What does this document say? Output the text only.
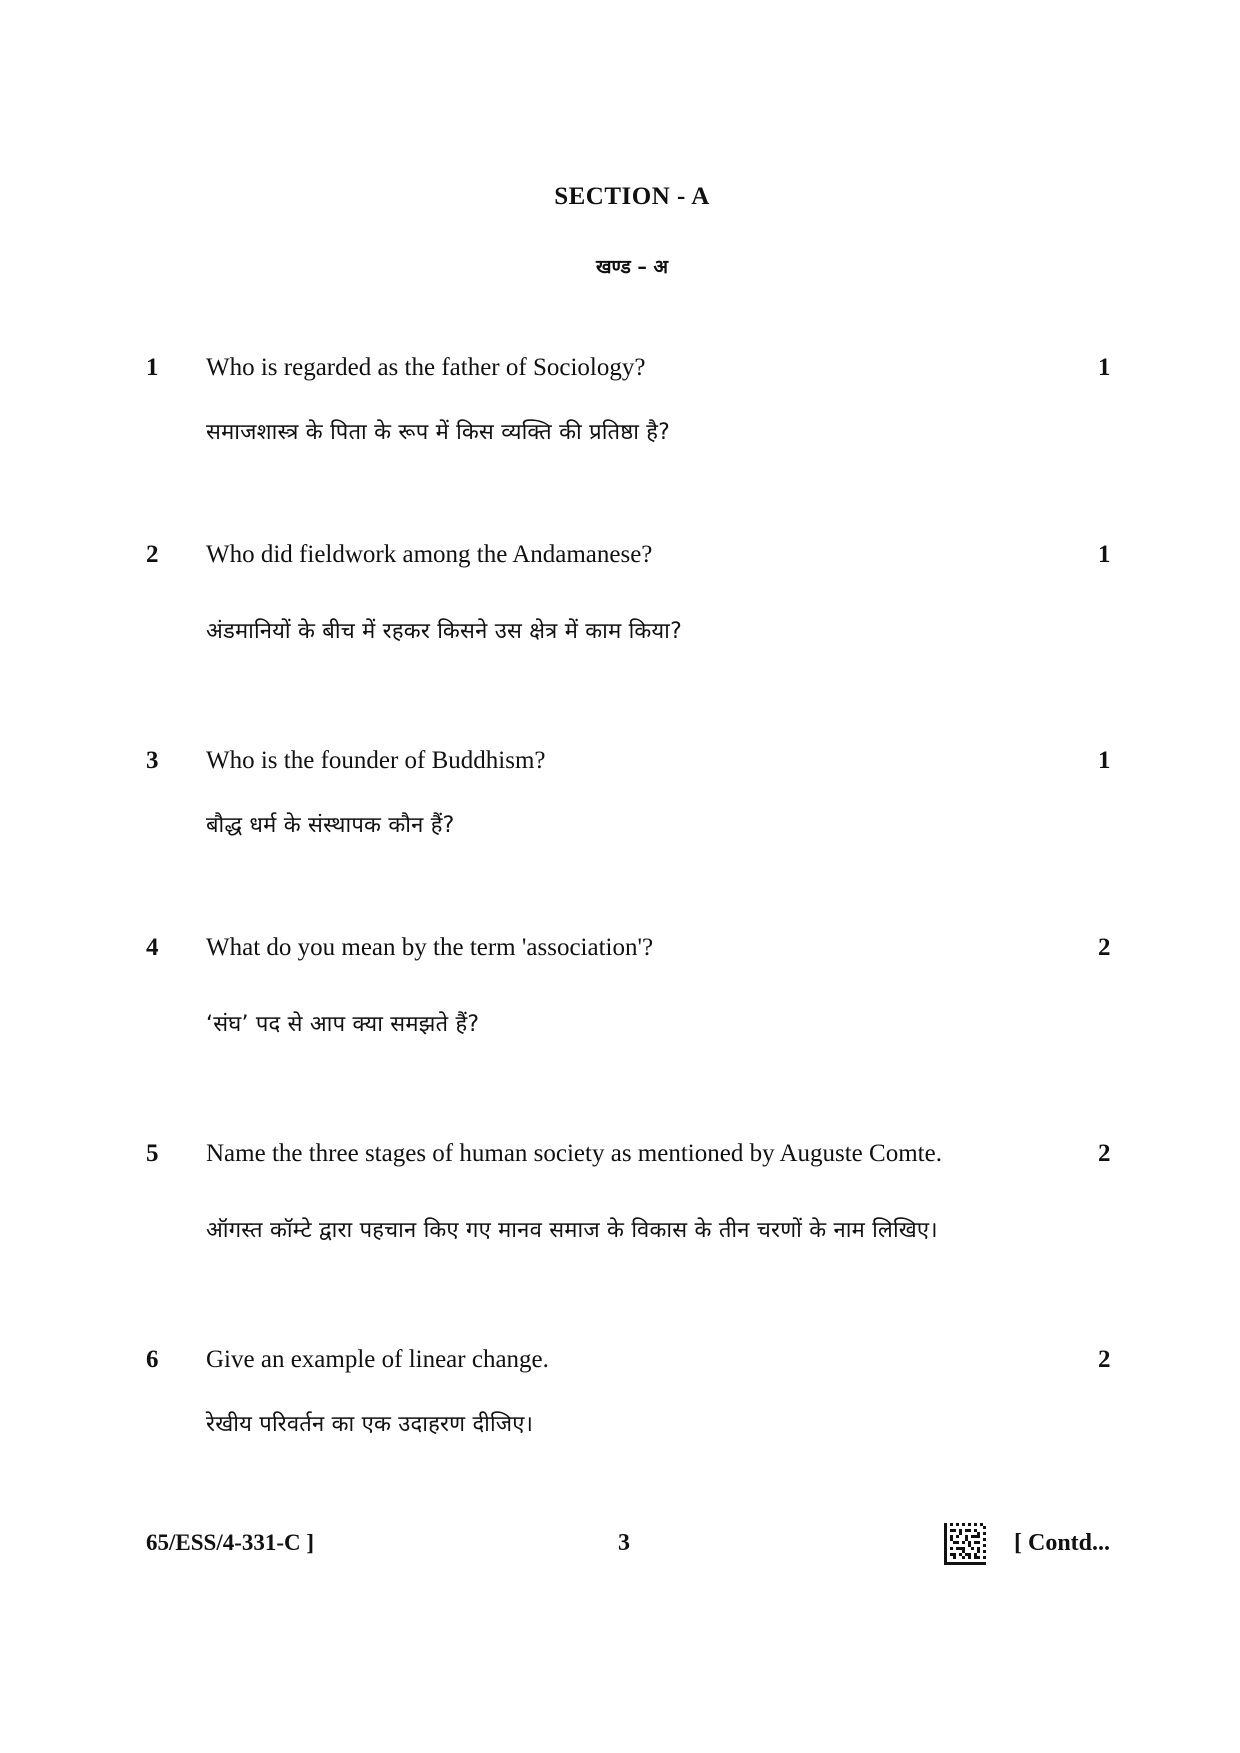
SECTION - A
खण्ड – अ
1 Who is regarded as the father of Sociology?
समाजशास्त्र के पिता के रूप में किस व्यक्ति की प्रतिष्ठा है?
1
2 Who did fieldwork among the Andamanese?
अंडमानियों के बीच में रहकर किसने उस क्षेत्र में काम किया?
1
3 Who is the founder of Buddhism?
बौद्ध धर्म के संस्थापक कौन हैं?
1
4 What do you mean by the term 'association'?
‘संघ’ पद से आप क्या समझते हैं?
2
5 Name the three stages of human society as mentioned by Auguste Comte.
ऑगस्त कॉम्टे द्वारा पहचान किए गए मानव समाज के विकास के तीन चरणों के नाम लिखिए।
2
6 Give an example of linear change.
रेखीय परिवर्तन का एक उदाहरण दीजिए।
2
65/ESS/4-331-C ]	3	[ Contd...
